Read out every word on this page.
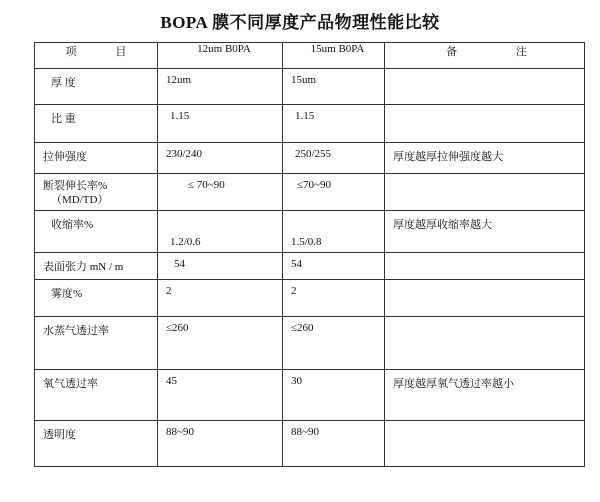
BOPA 膜不同厚度产品物理性能比较
项 目	12um B0PA	15um B0PA	备 注
厚 度	12um	15um	
比 重	1.15	1.15	
拉伸强度	230/240	250/255	厚度越厚拉伸强度越大

断裂伸长率%
（MD/TD）	≤ 70~90	≤70~90	
收缩率%	1.2/0.6	1.5/0.8	厚度越厚收缩率越大
表面张力 mN / m	54	54	
雾度%	2	2	
水蒸气透过率	≤260	≤260	
氧气透过率	45	30	厚度越厚氧气透过率越小
透明度	88~90	88~90	
